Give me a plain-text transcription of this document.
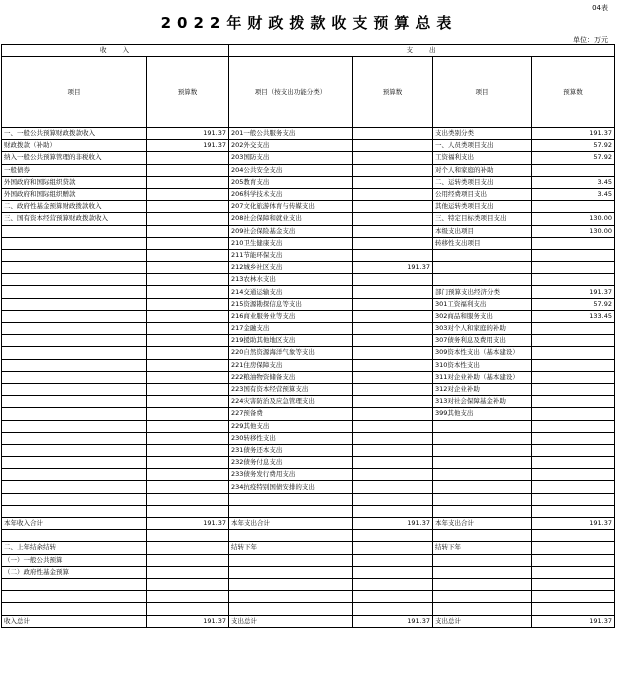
04表
2022年财政拨款收支预算总表
单位：万元
收　　入		支　　出			
项目	预算数	项目（按支出功能分类）	预算数	项目	预算数
一、一般公共预算财政拨款收入	191.37	201一般公共服务支出		支出类别分类	191.37
财政拨款（补助）	191.37	202外交支出		一、人员类项目支出	57.92
纳入一般公共预算管理的非税收入		203国防支出		工资福利支出	57.92
一般债券		204公共安全支出		对个人和家庭的补助	
外国政府和国际组织贷款		205教育支出		二、运转类项目支出	3.45
外国政府和国际组织赠款		206科学技术支出		公用经费项目支出	3.45
二、政府性基金预算财政拨款收入		207文化旅游体育与传媒支出		其他运转类项目支出	
三、国有资本经营预算财政拨款收入		208社会保障和就业支出		三、特定目标类项目支出	130.00
		209社会保险基金支出		本级支出项目	130.00
		210卫生健康支出		转移性支出项目	
		211节能环保支出			
		212城乡社区支出	191.37		
		213农林水支出			
		214交通运输支出		部门预算支出经济分类	191.37
		215资源勘探信息等支出		301工资福利支出	57.92
		216商业服务业等支出		302商品和服务支出	133.45
		217金融支出		303对个人和家庭的补助	
		219援助其他地区支出		307债务利息及费用支出	
		220自然资源海洋气象等支出		309资本性支出（基本建设）	
		221住房保障支出		310资本性支出	
		222粮油物资储备支出		311对企业补助（基本建设）	
		223国有资本经营预算支出		312对企业补助	
		224灾害防治及应急管理支出		313对社会保障基金补助	
		227预备费		399其他支出	
		229其他支出			
		230转移性支出			
		231债务还本支出			
		232债务付息支出			
		233债务发行费用支出			
		234抗疫特别国债安排的支出			

本年收入合计	191.37	本年支出合计	191.37	本年支出合计	191.37

二、上年结余结转		结转下年		结转下年	
（一）一般公共预算					
（二）政府性基金预算					

收入总计	191.37	支出总计	191.37	支出总计	191.37
